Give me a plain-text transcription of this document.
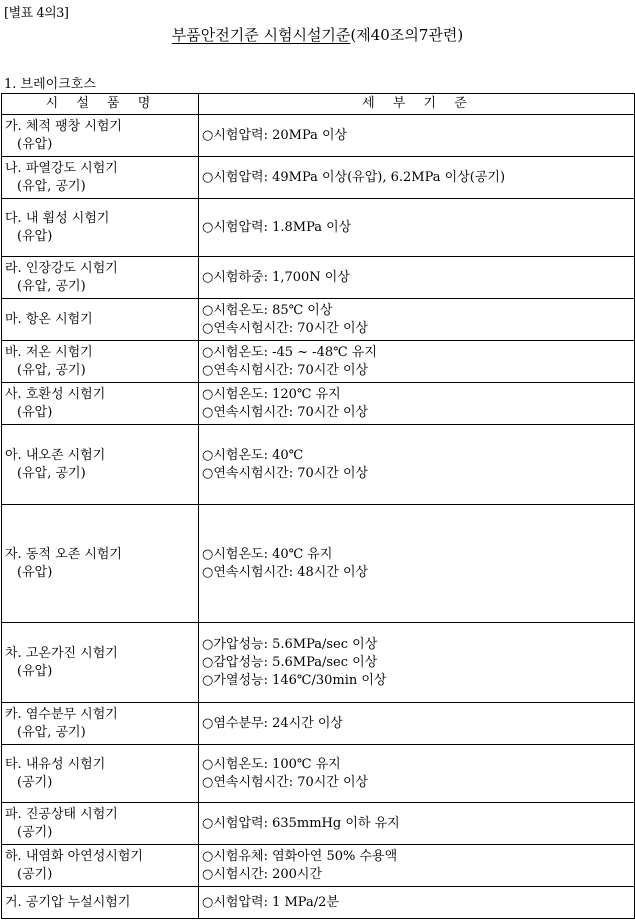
[별표 4의3]
부품안전기준 시험시설기준(제40조의7관련)
1. 브레이크호스
시 설 품 명	세 부 기 준

가. 체적 팽창 시험기
(유압)	○시험압력: 20MPa 이상

나. 파열강도 시험기
(유압, 공기)	○시험압력: 49MPa 이상(유압), 6.2MPa 이상(공기)

다. 내 휨성 시험기
(유압)	○시험압력: 1.8MPa 이상

라. 인장강도 시험기
(유압, 공기)	○시험하중: 1,700N 이상

마. 항온 시험기	○시험온도: 85℃ 이상
○연속시험시간: 70시간 이상

바. 저온 시험기
(유압, 공기)	○시험온도: -45 ~ -48℃ 유지
○연속시험시간: 70시간 이상

사. 호환성 시험기
(유압)	○시험온도: 120℃ 유지
○연속시험시간: 70시간 이상

아. 내오존 시험기
(유압, 공기)	○시험온도: 40℃
○연속시험시간: 70시간 이상

자. 동적 오존 시험기
(유압)	○시험온도: 40℃ 유지
○연속시험시간: 48시간 이상

차. 고온가진 시험기
(유압)	○가압성능: 5.6MPa/sec 이상
○감압성능: 5.6MPa/sec 이상
○가열성능: 146℃/30min 이상

카. 염수분무 시험기
(유압, 공기)	○염수분무: 24시간 이상

타. 내유성 시험기
(공기)	○시험온도: 100℃ 유지
○연속시험시간: 70시간 이상

파. 진공상태 시험기
(공기)	○시험압력: 635mmHg 이하 유지

하. 내염화 아연성시험기
(공기)	○시험유체: 염화아연 50% 수용액
○시험시간: 200시간

거. 공기압 누설시험기	○시험압력: 1 MPa/2분
